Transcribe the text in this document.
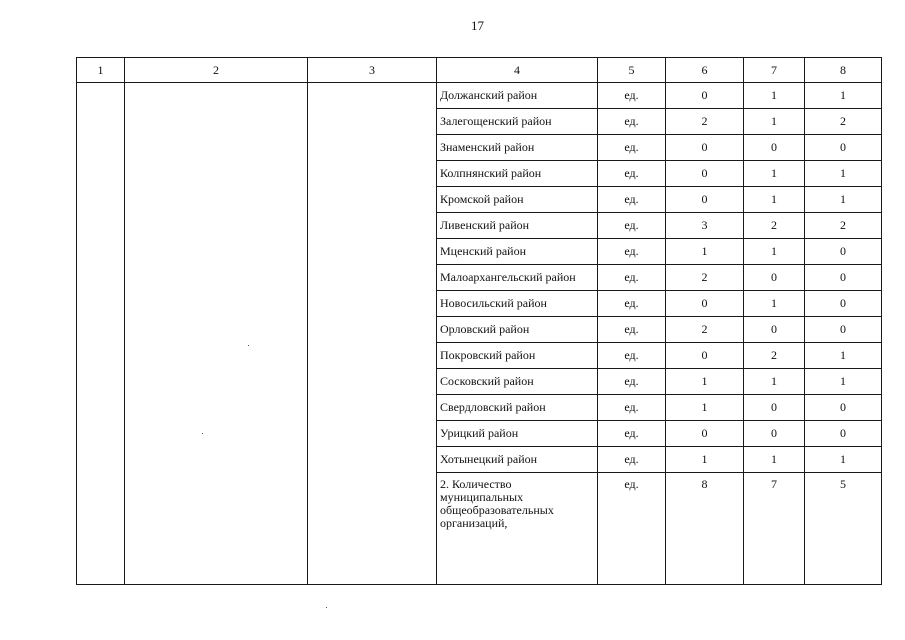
17
1	2	3	4	5	6	7	8
			Должанский район	ед.	0	1	1
			Залегощенский район	ед.	2	1	2
			Знаменский район	ед.	0	0	0
			Колпнянский район	ед.	0	1	1
			Кромской район	ед.	0	1	1
			Ливенский район	ед.	3	2	2
			Мценский район	ед.	1	1	0
			Малоархангельский район	ед.	2	0	0
			Новосильский район	ед.	0	1	0
			Орловский район	ед.	2	0	0
			Покровский район	ед.	0	2	1
			Сосковский район	ед.	1	1	1
			Свердловский район	ед.	1	0	0
			Урицкий район	ед.	0	0	0
			Хотынецкий район	ед.	1	1	1
			2. Количество муниципальных общеобразовательных организаций,	ед.	8	7	5
